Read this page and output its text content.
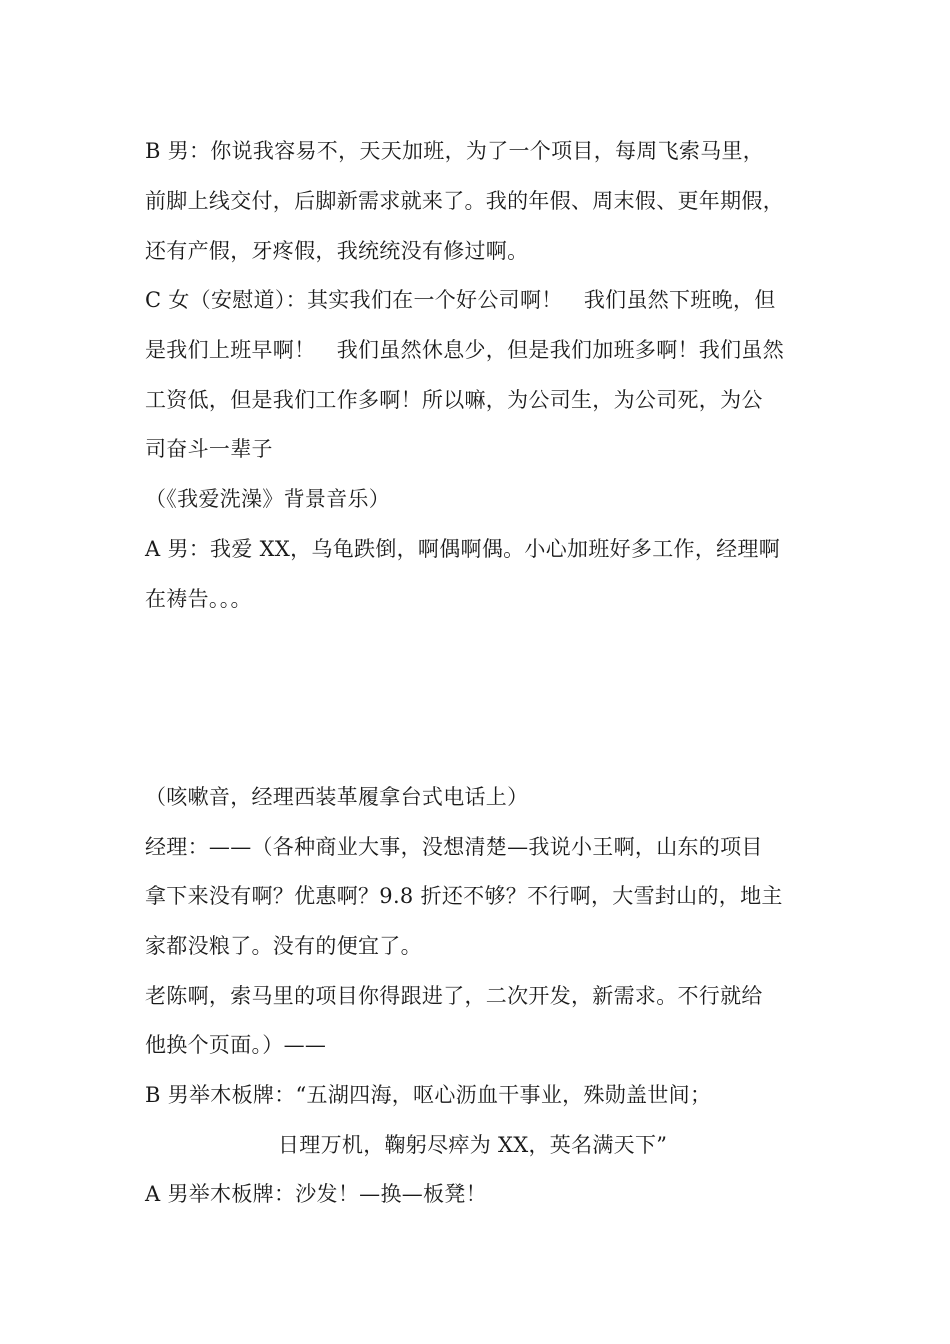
B 男：你说我容易不，天天加班，为了一个项目，每周飞索马里，
前脚上线交付，后脚新需求就来了。我的年假、周末假、更年期假，
还有产假，牙疼假，我统统没有修过啊。
C 女（安慰道）：其实我们在一个好公司啊！　我们虽然下班晚，但
是我们上班早啊！　我们虽然休息少，但是我们加班多啊！我们虽然
工资低，但是我们工作多啊！所以嘛，为公司生，为公司死，为公
司奋斗一辈子
（《我爱洗澡》背景音乐）
A 男：我爱 XX，乌龟跌倒，啊偶啊偶。小心加班好多工作，经理啊
在祷告。。。
（咳嗽音，经理西装革履拿台式电话上）
经理：——（各种商业大事，没想清楚—我说小王啊，山东的项目
拿下来没有啊？优惠啊？9.8 折还不够？不行啊，大雪封山的，地主
家都没粮了。没有的便宜了。
老陈啊，索马里的项目你得跟进了，二次开发，新需求。不行就给
他换个页面。）——
B 男举木板牌：“五湖四海，呕心沥血干事业，殊勋盖世间；
日理万机，鞠躬尽瘁为 XX，英名满天下”
A 男举木板牌：沙发！—换—板凳！
